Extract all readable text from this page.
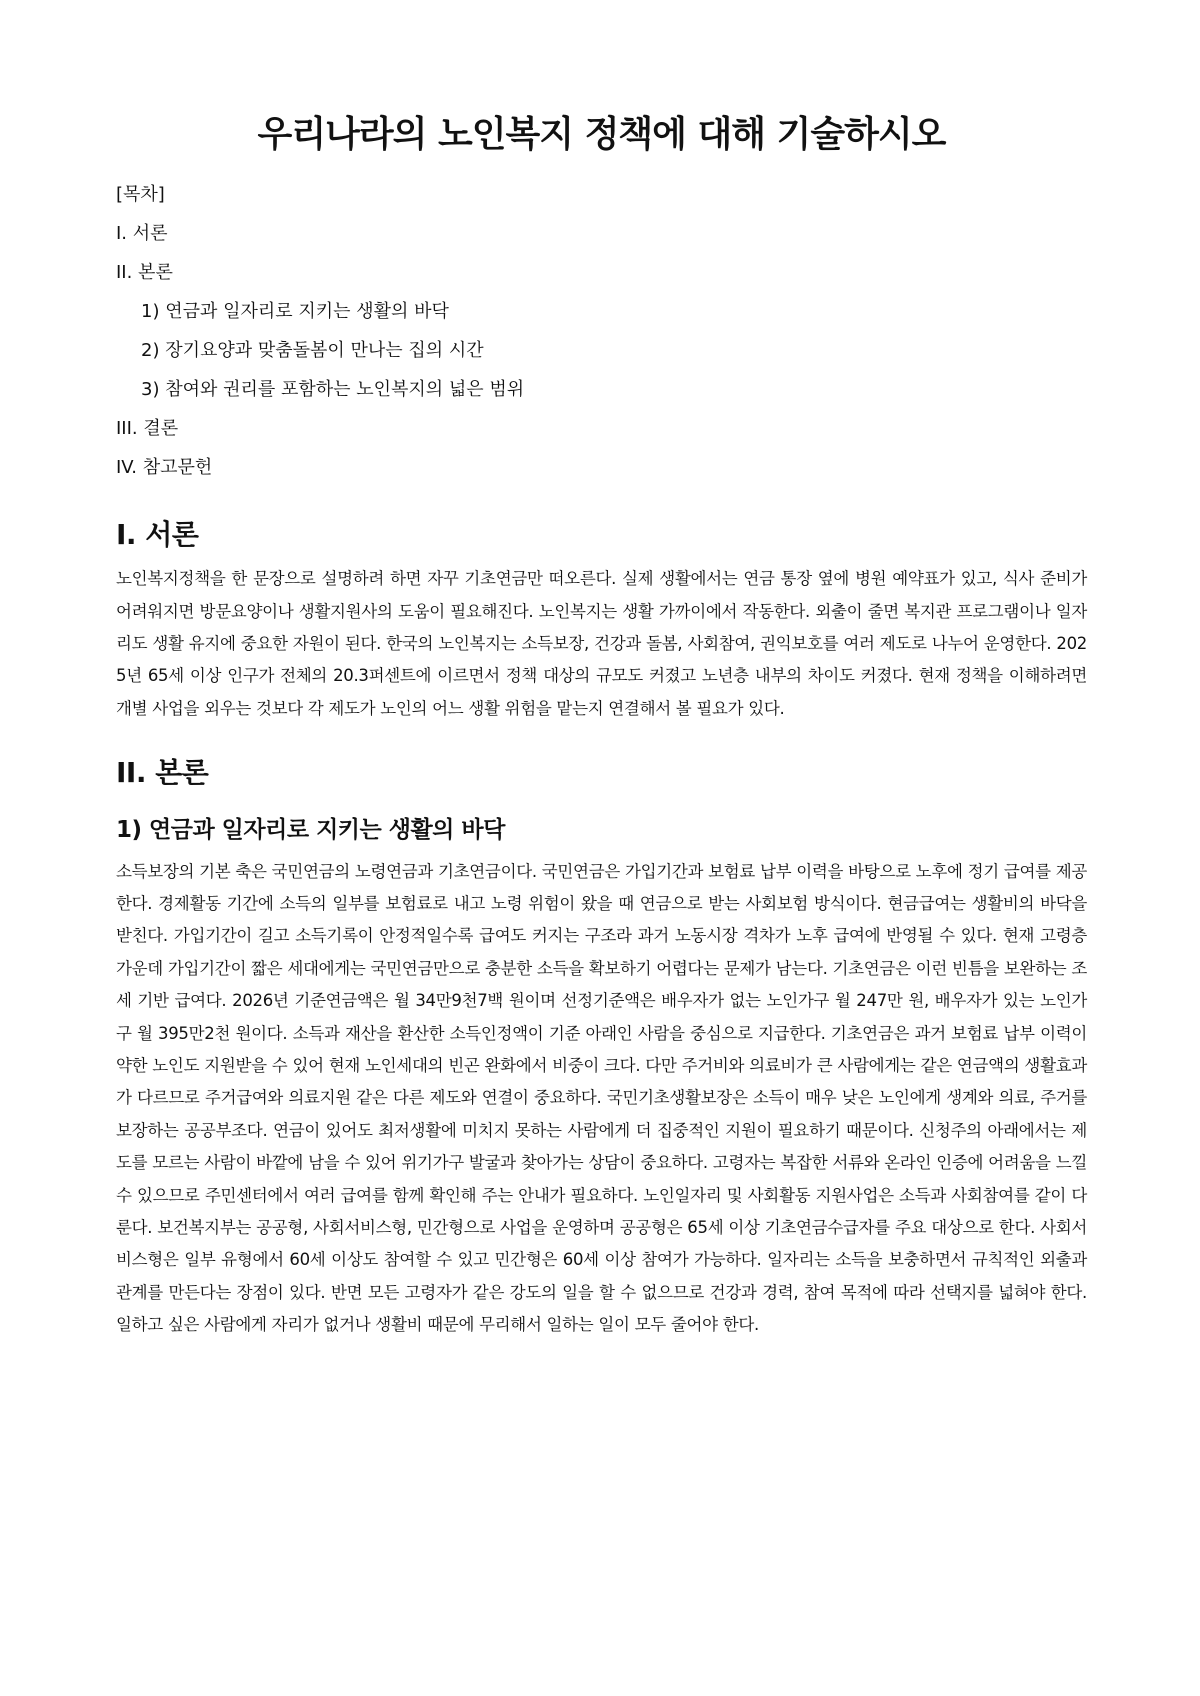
우리나라의 노인복지 정책에 대해 기술하시오
[목차]
I. 서론
II. 본론
1) 연금과 일자리로 지키는 생활의 바닥
2) 장기요양과 맞춤돌봄이 만나는 집의 시간
3) 참여와 권리를 포함하는 노인복지의 넓은 범위
III. 결론
IV. 참고문헌
I. 서론

노인복지정책을 한 문장으로 설명하려 하면 자꾸 기초연금만 떠오른다. 실제 생활에서는 연금 통장 옆에 병원 예약표가 있고, 식사 준비가 어려워지면 방문요양이나 생활지원사의 도움이 필요해진다. 노인복지는 생활 가까이에서 작동한다. 외출이 줄면 복지관 프로그램이나 일자리도 생활 유지에 중요한 자원이 된다. 한국의 노인복지는 소득보장, 건강과 돌봄, 사회참여, 권익보호를 여러 제도로 나누어 운영한다. 2025년 65세 이상 인구가 전체의 20.3퍼센트에 이르면서 정책 대상의 규모도 커졌고 노년층 내부의 차이도 커졌다. 현재 정책을 이해하려면 개별 사업을 외우는 것보다 각 제도가 노인의 어느 생활 위험을 맡는지 연결해서 볼 필요가 있다.

II. 본론
1) 연금과 일자리로 지키는 생활의 바닥

소득보장의 기본 축은 국민연금의 노령연금과 기초연금이다. 국민연금은 가입기간과 보험료 납부 이력을 바탕으로 노후에 정기 급여를 제공한다. 경제활동 기간에 소득의 일부를 보험료로 내고 노령 위험이 왔을 때 연금으로 받는 사회보험 방식이다. 현금급여는 생활비의 바닥을 받친다. 가입기간이 길고 소득기록이 안정적일수록 급여도 커지는 구조라 과거 노동시장 격차가 노후 급여에 반영될 수 있다. 현재 고령층 가운데 가입기간이 짧은 세대에게는 국민연금만으로 충분한 소득을 확보하기 어렵다는 문제가 남는다. 기초연금은 이런 빈틈을 보완하는 조세 기반 급여다. 2026년 기준연금액은 월 34만9천7백 원이며 선정기준액은 배우자가 없는 노인가구 월 247만 원, 배우자가 있는 노인가구 월 395만2천 원이다. 소득과 재산을 환산한 소득인정액이 기준 아래인 사람을 중심으로 지급한다. 기초연금은 과거 보험료 납부 이력이 약한 노인도 지원받을 수 있어 현재 노인세대의 빈곤 완화에서 비중이 크다. 다만 주거비와 의료비가 큰 사람에게는 같은 연금액의 생활효과가 다르므로 주거급여와 의료지원 같은 다른 제도와 연결이 중요하다. 국민기초생활보장은 소득이 매우 낮은 노인에게 생계와 의료, 주거를 보장하는 공공부조다. 연금이 있어도 최저생활에 미치지 못하는 사람에게 더 집중적인 지원이 필요하기 때문이다. 신청주의 아래에서는 제도를 모르는 사람이 바깥에 남을 수 있어 위기가구 발굴과 찾아가는 상담이 중요하다. 고령자는 복잡한 서류와 온라인 인증에 어려움을 느낄 수 있으므로 주민센터에서 여러 급여를 함께 확인해 주는 안내가 필요하다. 노인일자리 및 사회활동 지원사업은 소득과 사회참여를 같이 다룬다. 보건복지부는 공공형, 사회서비스형, 민간형으로 사업을 운영하며 공공형은 65세 이상 기초연금수급자를 주요 대상으로 한다. 사회서비스형은 일부 유형에서 60세 이상도 참여할 수 있고 민간형은 60세 이상 참여가 가능하다. 일자리는 소득을 보충하면서 규칙적인 외출과 관계를 만든다는 장점이 있다. 반면 모든 고령자가 같은 강도의 일을 할 수 없으므로 건강과 경력, 참여 목적에 따라 선택지를 넓혀야 한다. 일하고 싶은 사람에게 자리가 없거나 생활비 때문에 무리해서 일하는 일이 모두 줄어야 한다.
